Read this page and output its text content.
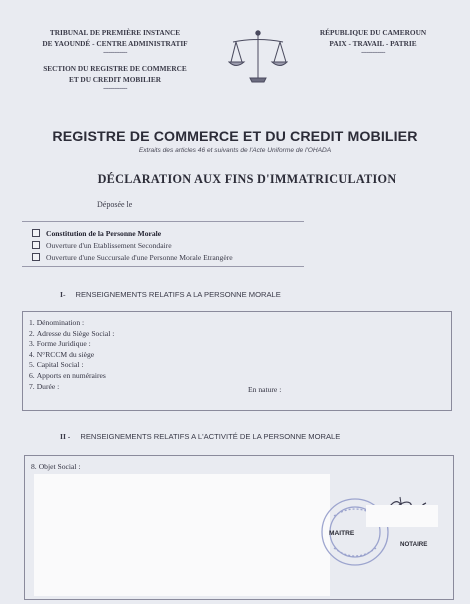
TRIBUNAL DE PREMIÈRE INSTANCE
DE YAOUNDÉ - CENTRE ADMINISTRATIF
-------------
SECTION DU REGISTRE DE COMMERCE
ET DU CREDIT MOBILIER
-------------
RÉPUBLIQUE DU CAMEROUN
PAIX - TRAVAIL - PATRIE
-------------
REGISTRE DE COMMERCE ET DU CREDIT MOBILIER
Extraits des articles 46 et suivants de l'Acte Uniforme de l'OHADA
DÉCLARATION AUX FINS D'IMMATRICULATION
Déposée le
Constitution de la Personne Morale
Ouverture d'un Etablissement Secondaire
Ouverture d'une Succursale d'une Personne Morale Etrangère
I- RENSEIGNEMENTS RELATIFS A LA PERSONNE MORALE
1. Dénomination :
2. Adresse du Siège Social :
3. Forme Juridique :
4. N°RCCM du siège
5. Capital Social :
6. Apports en numéraires
7. Durée :	En nature :
II - RENSEIGNEMENTS RELATIFS A L'ACTIVITÉ DE LA PERSONNE MORALE
8. Objet Social :
MAITRE
NOTAIRE
